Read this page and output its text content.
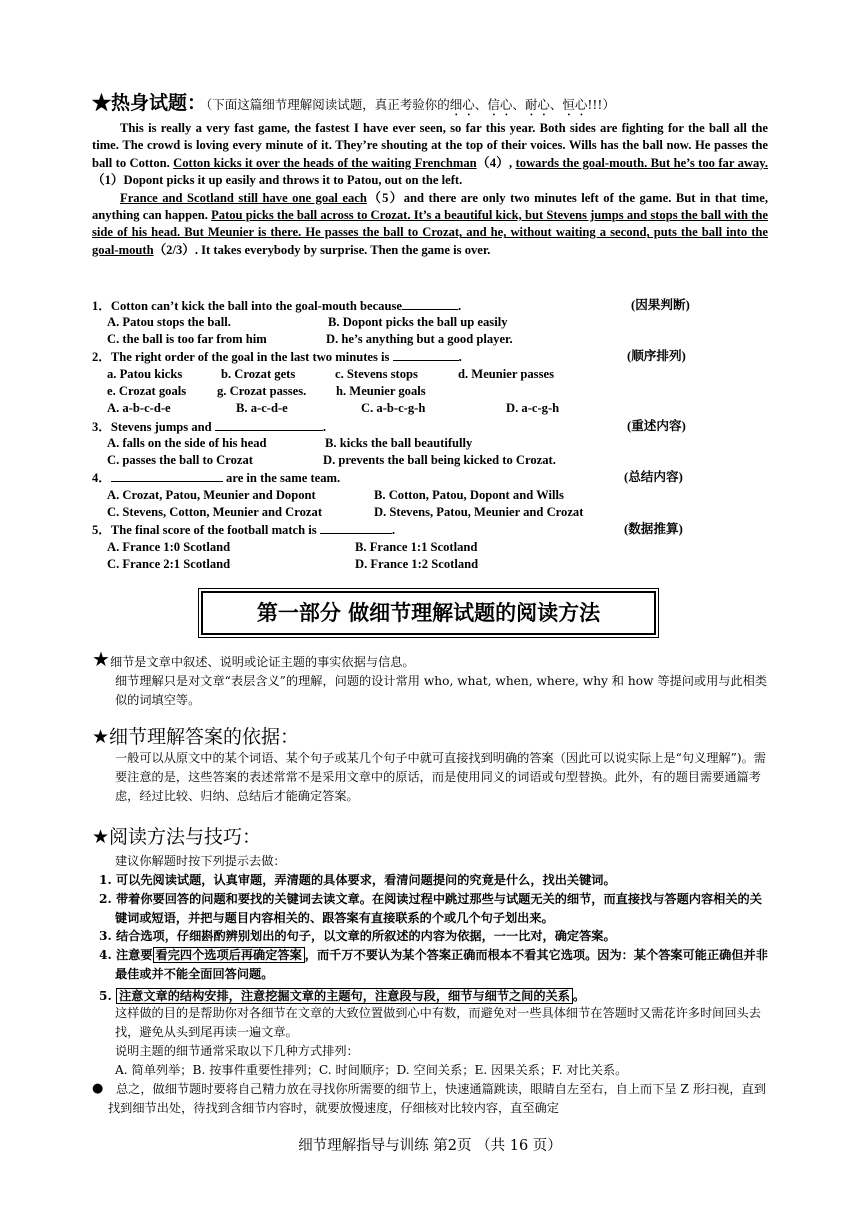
★热身试题：（下面这篇细节理解阅读试题，真正考验你的细心、信心、耐心、恒心!!!）

This is really a very fast game, the fastest I have ever seen, so far this year. Both sides are fighting for the ball all the time. The crowd is loving every minute of it. They’re shouting at the top of their voices. Wills has the ball now. He passes the ball to Cotton. Cotton kicks it over the heads of the waiting Frenchman（4）, towards the goal-mouth. But he’s too far away.（1）Dopont picks it up easily and throws it to Patou, out on the left.

France and Scotland still have one goal each（5）and there are only two minutes left of the game. But in that time, anything can happen. Patou picks the ball across to Crozat. It’s a beautiful kick, but Stevens jumps and stops the ball with the side of his head. But Meunier is there. He passes the ball to Crozat, and he, without waiting a second, puts the ball into the goal-mouth（2/3）. It takes everybody by surprise. Then the game is over.

1．Cotton can’t kick the ball into the goal-mouth because	.	(因果判断)
A. Patou stops the ball.	B. Dopont picks the ball up easily
C. the ball is too far from him	D. he’s anything but a good player.
2．The right order of the goal in the last two minutes is	.	(顺序排列)
a. Patou kicks	b. Crozat gets	c. Stevens stops	d. Meunier passes
e. Crozat goals g. Crozat passes. h. Meunier goals
A. a-b-c-d-e	B. a-c-d-e	C. a-b-c-g-h	D. a-c-g-h
3．Stevens jumps and	.	(重述内容)
A. falls on the side of his head	B. kicks the ball beautifully
C. passes the ball to Crozat	D. prevents the ball being kicked to Crozat.
4．	are in the same team.	(总结内容)
A. Crozat, Patou, Meunier and Dopont	B. Cotton, Patou, Dopont and Wills
C. Stevens, Cotton, Meunier and Crozat	D. Stevens, Patou, Meunier and Crozat
5．The final score of the football match is	.	(数据推算)
A. France 1:0 Scotland	B. France 1:1 Scotland
C. France 2:1 Scotland	D. France 1:2 Scotland
第一部分 做细节理解试题的阅读方法
★细节是文章中叙述、说明或论证主题的事实依据与信息。
细节理解只是对文章“表层含义”的理解，问题的设计常用 who, what, when, where, why 和 how 等提问或用与此相类似的词填空等。
★细节理解答案的依据：
一般可以从原文中的某个词语、某个句子或某几个句子中就可直接找到明确的答案（因此可以说实际上是“句义理解”)。需要注意的是，这些答案的表述常常不是采用文章中的原话，而是使用同义的词语或句型替换。此外，有的题目需要通篇考虑，经过比较、归纳、总结后才能确定答案。
★阅读方法与技巧：
建议你解题时按下列提示去做：
1. 可以先阅读试题，认真审题，弄清题的具体要求，看清问题提问的究竟是什么，找出关键词。
2. 带着你要回答的问题和要找的关键词去读文章。在阅读过程中跳过那些与试题无关的细节，而直接找与答题内容相关的关键词或短语，并把与题目内容相关的、跟答案有直接联系的个或几个句子划出来。
3. 结合选项，仔细斟酌辨别划出的句子，以文章的所叙述的内容为依据，一一比对，确定答案。
4. 注意要 看完四个选项后再确定答案 ，而千万不要认为某个答案正确而根本不看其它选项。因为：某个答案可能正确但并非最佳或并不能全面回答问题。
5. 注意文章的结构安排，注意挖掘文章的主题句，注意段与段，细节与细节之间的关系 。
这样做的目的是帮助你对各细节在文章的大致位置做到心中有数，而避免对一些具体细节在答题时又需花许多时间回头去找，避免从头到尾再读一遍文章。
说明主题的细节通常采取以下几种方式排列：
A. 简单列举；B. 按事件重要性排列；C. 时间顺序；D. 空间关系；E. 因果关系；F. 对比关系。
●	总之，做细节题时要将自己精力放在寻找你所需要的细节上，快速通篇跳读，眼睛自左至右，自上而下呈 Z 形扫视，直到找到细节出处，待找到含细节内容时，就要放慢速度，仔细核对比较内容，直至确定
细节理解指导与训练 第2页 （共 16 页）
